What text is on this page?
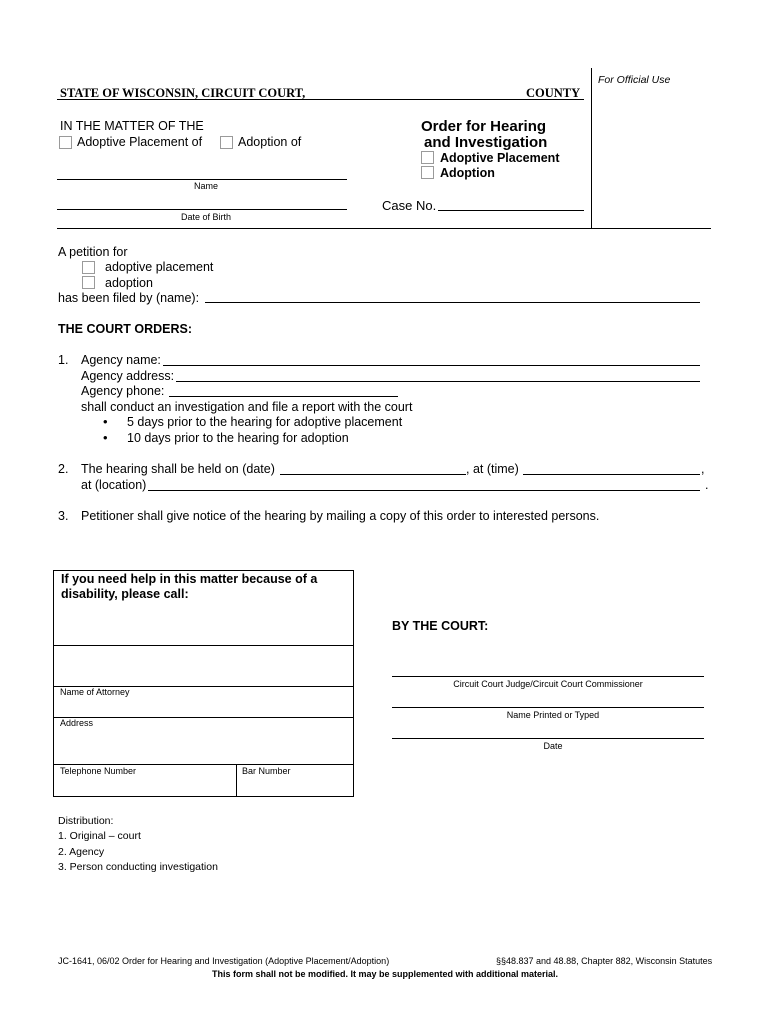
For Official Use
STATE OF WISCONSIN, CIRCUIT COURT,	COUNTY
IN THE MATTER OF THE
Adoptive Placement of	Adoption of
Name
Date of Birth
Order for Hearing
and Investigation
Adoptive Placement
Adoption
Case No.
A petition for
adoptive placement
adoption
has been filed by (name):
THE COURT ORDERS:
1. Agency name:
Agency address:
Agency phone:
shall conduct an investigation and file a report with the court
• 5 days prior to the hearing for adoptive placement
• 10 days prior to the hearing for adoption
2. The hearing shall be held on (date)	, at (time)	,
at (location)	.
3. Petitioner shall give notice of the hearing by mailing a copy of this order to interested persons.
If you need help in this matter because of a disability, please call:
Name of Attorney
Address
Telephone Number	Bar Number
BY THE COURT:
Circuit Court Judge/Circuit Court Commissioner
Name Printed or Typed
Date
Distribution:
1. Original – court
2. Agency
3. Person conducting investigation
JC-1641, 06/02 Order for Hearing and Investigation (Adoptive Placement/Adoption)	§§48.837 and 48.88, Chapter 882, Wisconsin Statutes
This form shall not be modified. It may be supplemented with additional material.
